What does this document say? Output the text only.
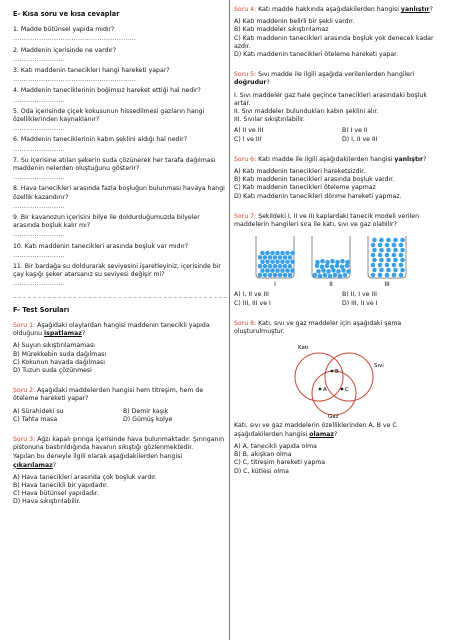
E- Kısa soru ve kısa cevaplar
1. Madde bütünsel yapıda mıdır?
…………………………………………………
2. Maddenin içerisinde ne vardır?
……………………
3. Katı maddenin tanecikleri hangi hareketi yapar?
…………………………………………………
4. Maddenin taneciklerinin boğimsız hareket ettiği hal nedir?
……………………
5. Oda içerisinde çiçek kokusunun hissedilmesi gazların hangi özelliklerinden kaynaklanır?
……………………
6. Maddenin taneciklerinin kabın şeklini aldığı hal nedir?
……………………
7. Su içerisine atılan şekerin suda çözünerek her tarafa dağılması maddenin nelerden oluştuğunu gösterir?
……………………
8. Hava tanecikleri arasında fazla boşluğun bulunması havaya hangi özellik kazandırır?
……………………
9. Bir kavanozun içerisini bilye ile doldurduğumuzda bilyeler arasında boşluk kalır mı?
……………………
10. Katı maddenin tanecikleri arasında boşluk var mıdır?
……………………
11. Bir bardağa su doldurarak seviyesini işaretleyiniz, içerisinde bir çay kaşığı şeker atarsanız su seviyesi değişir mi?
……………………
F- Test Soruları
Soru 1: Aşağıdaki olaylardan hangisi maddenin tanecikli yapıda olduğunu ispatlamaz?
A) Suyun sıkıştırılamaması
B) Mürekkebin suda dağılması
C) Kokunun havada dağılması
D) Tuzun suda çözünmesi
Soru 2: Aşağıdaki maddelerden hangisi hem titreşim, hem de öteleme hareketi yapar?
A) Sürahideki su	B) Demir kaşık
C) Tahta masa	D) Gümüş kolye
Soru 3: Ağzı kapalı şırınga içerisinde hava bulunmaktadır. Şırınganın pistonuna bastırıldığında havanın sıkıştığı gözlenmektedir.
Yapılan bu deneyle ilgili olarak aşağıdakilerden hangisi çıkarılamaz?
A) Hava tanecikleri arasında çok boşluk vardır.
B) Hava tanecikli bir yapıdadır.
C) Hava bütünsel yapıdadır.
D) Hava sıkıştırılabilir.
Soru 4: Katı madde hakkında aşağıdakilerden hangisi yanlıştır?
A) Katı maddenin belirli bir şekli vardır.
B) Katı maddeler sıkıştırılamaz
C) Katı maddenin tanecikleri arasında boşluk yok denecek kadar azdır.
D) Katı maddenin tanecikleri öteleme hareketi yapar.
Soru 5: Sıvı madde ile ilgili aşağıda verilenlerden hangileri doğrudur?
I. Sıvı maddeler gaz hale geçince tanecikleri arasındaki boşluk artar.
II. Sıvı maddeler bulundukları kabın şeklini alır.
III. Sıvılar sıkıştırılabilir.
A) II ve III	B) I ve II
C) I ve III	D) I, II ve III
Soru 6: Katı madde ile ilgili aşağıdakilerden hangisi yanlıştır?
A) Katı maddenin tanecikleri hareketsizdir.
B) Katı maddenin tanecikleri arasında boşluk vardır.
C) Katı maddenin tanecikleri öteleme yapmaz
D) Katı maddenin tanecikleri dönme hareketi yapmaz.
Soru 7: Şekildeki I, II ve III kaplardaki tanecik modeli verilen maddelerin hangileri sıra ile katı, sıvı ve gaz olabilir?
I	II	III
A) I, II ve III	B) II, I ve III
C) III, III ve I	D) III, II ve I
Soru 8: Katı, sıvı ve gaz maddeler için aşağıdaki şema oluşturulmuştur.
Katı
Sıvı
Gaz
B
A	C
Katı, sıvı ve gaz maddelerin özelliklerinden A, B ve C aşağıdakilerden hangisi olamaz?
A) A, tanecikli yapıda olma
B) B, akışkan olma
C) C, titreşim hareketi yapma
D) C, kütlesi olma
